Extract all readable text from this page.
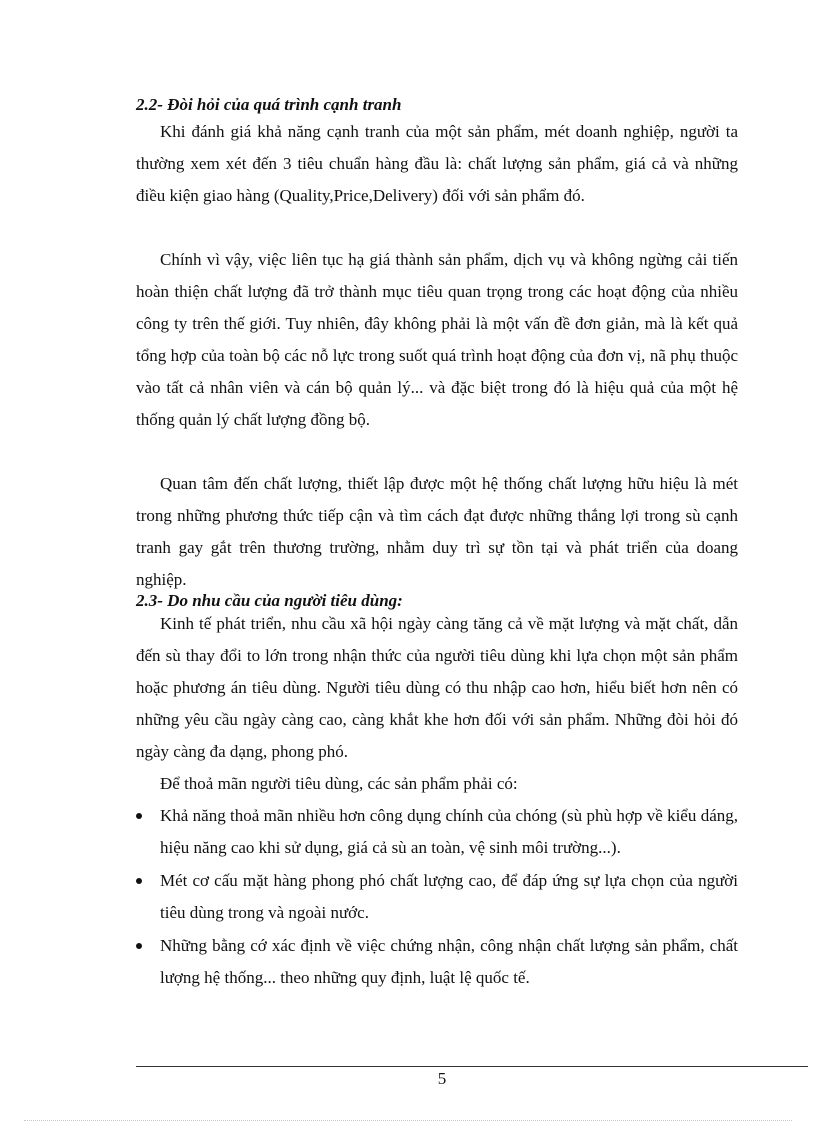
2.2- Đòi hỏi của quá trình cạnh tranh

Khi đánh giá khả năng cạnh tranh của một sản phẩm, mét doanh nghiệp, người ta thường xem xét đến 3 tiêu chuẩn hàng đầu là: chất lượng sản phẩm, giá cả và những điều kiện giao hàng (Quality,Price,Delivery) đối với sản phẩm đó.

Chính vì vậy, việc liên tục hạ giá thành sản phẩm, dịch vụ và không ngừng cải tiến hoàn thiện chất lượng đã trở thành mục tiêu quan trọng trong các hoạt động của nhiều công ty trên thế giới. Tuy nhiên, đây không phải là một vấn đề đơn giản, mà là kết quả tổng hợp của toàn bộ các nỗ lực trong suốt quá trình hoạt động của đơn vị, nã phụ thuộc vào tất cả nhân viên và cán bộ quản lý... và đặc biệt trong đó là hiệu quả của một hệ thống quản lý chất lượng đồng bộ.

Quan tâm đến chất lượng, thiết lập được một hệ thống chất lượng hữu hiệu là mét trong những phương thức tiếp cận và tìm cách đạt được những thắng lợi trong sù cạnh tranh gay gắt trên thương trường, nhằm duy trì sự tồn tại và phát triển của doang nghiệp.

2.3- Do nhu cầu của người tiêu dùng:

Kinh tế phát triển, nhu cầu xã hội ngày càng tăng cả về mặt lượng và mặt chất, dẫn đến sù thay đổi to lớn trong nhận thức của người tiêu dùng khi lựa chọn một sản phẩm hoặc phương án tiêu dùng. Người tiêu dùng có thu nhập cao hơn, hiểu biết hơn nên có những yêu cầu ngày càng cao, càng khắt khe hơn đối với sản phẩm. Những đòi hỏi đó ngày càng đa dạng, phong phó.

Để thoả mãn người tiêu dùng, các sản phẩm phải có:

Khả năng thoả mãn nhiều hơn công dụng chính của chóng (sù phù hợp về kiểu dáng, hiệu năng cao khi sử dụng, giá cả sù an toàn, vệ sinh môi trường...).
Mét cơ cấu mặt hàng phong phó chất lượng cao, để đáp ứng sự lựa chọn của người tiêu dùng trong và ngoài nước.
Những bằng cớ xác định về việc chứng nhận, công nhận chất lượng sản phẩm, chất lượng hệ thống... theo những quy định, luật lệ quốc tế.
5
